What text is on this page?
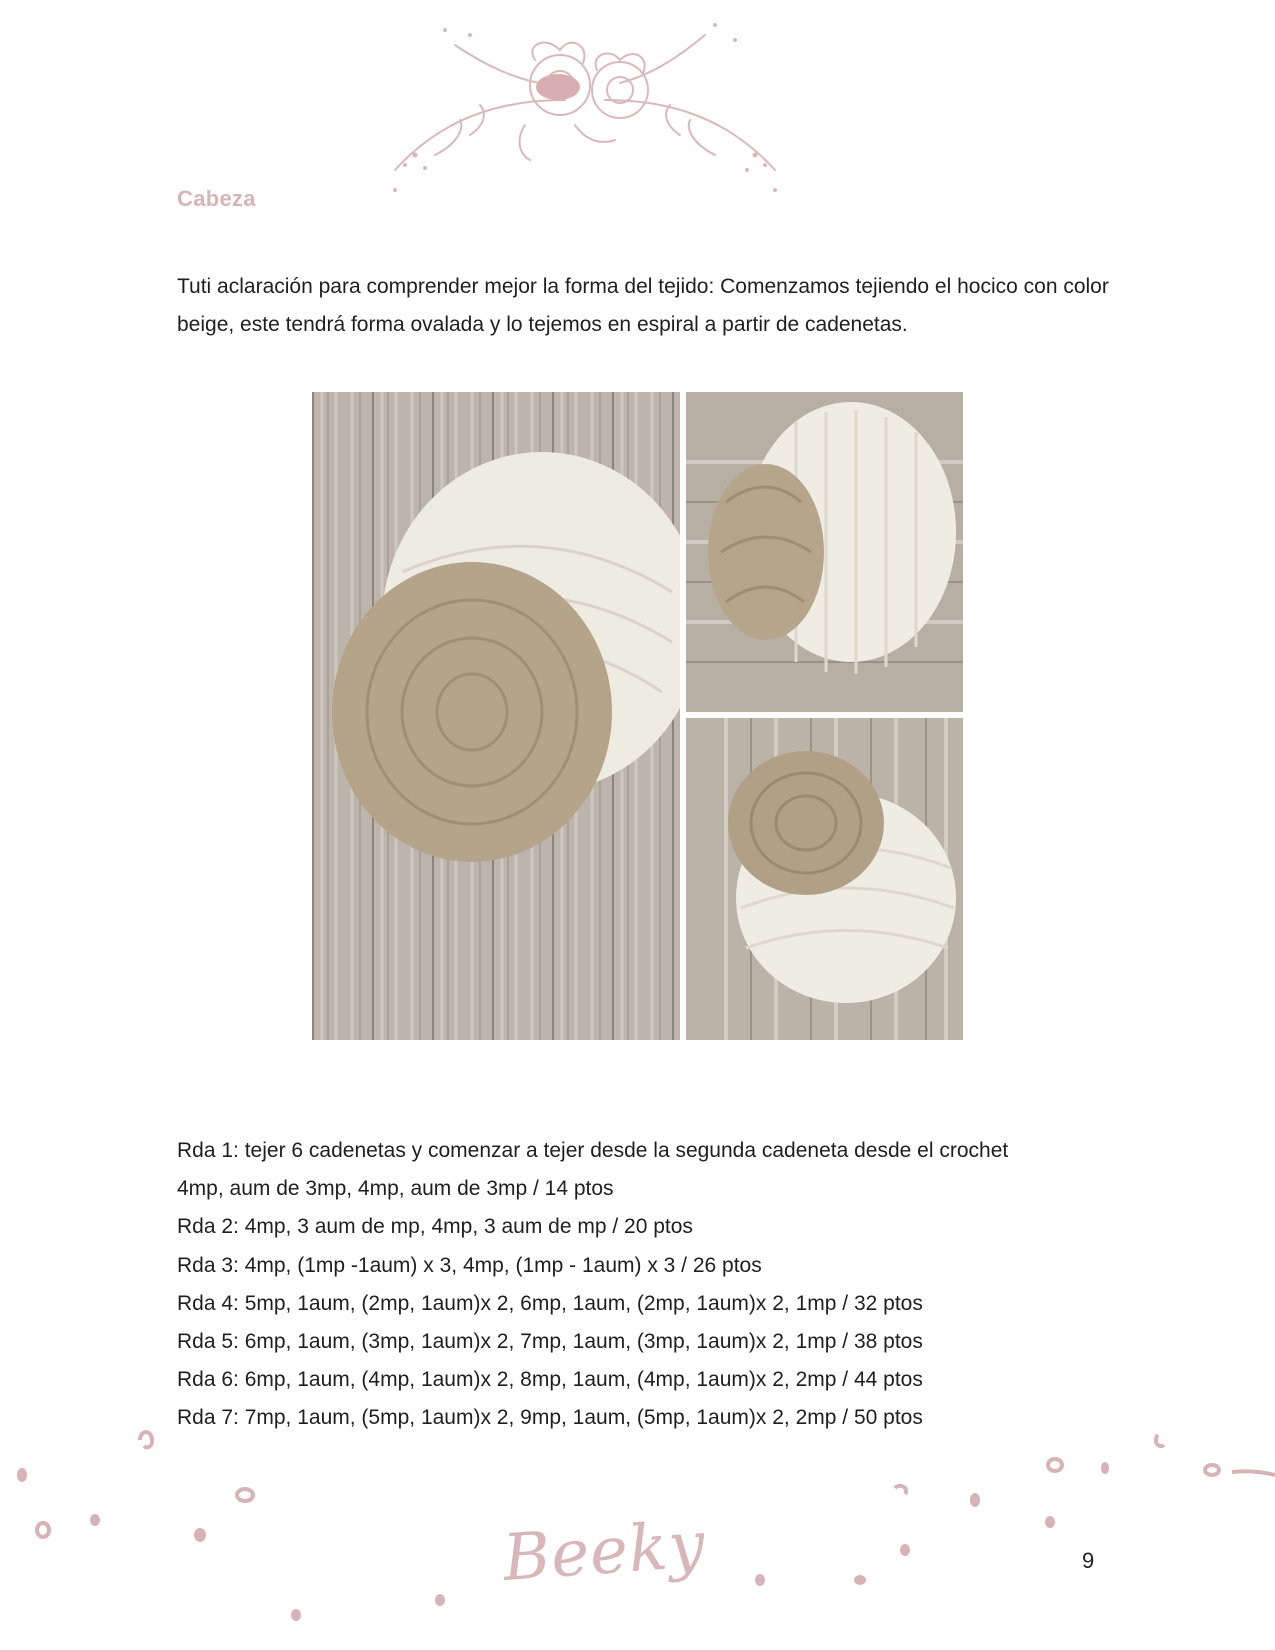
Cabeza

Tuti aclaración para comprender mejor la forma del tejido: Comenzamos tejiendo el hocico con color beige, este tendrá forma ovalada y lo tejemos en espiral a partir de cadenetas.

Rda 1: tejer 6 cadenetas y comenzar a tejer desde la segunda cadeneta desde el crochet
4mp, aum de 3mp, 4mp, aum de 3mp / 14 ptos
Rda 2: 4mp, 3 aum de mp, 4mp, 3 aum de mp / 20 ptos
Rda 3: 4mp, (1mp -1aum) x 3, 4mp, (1mp - 1aum) x 3 / 26 ptos
Rda 4: 5mp, 1aum, (2mp, 1aum)x 2, 6mp, 1aum, (2mp, 1aum)x 2, 1mp / 32 ptos
Rda 5: 6mp, 1aum, (3mp, 1aum)x 2, 7mp, 1aum, (3mp, 1aum)x 2, 1mp / 38 ptos
Rda 6: 6mp, 1aum, (4mp, 1aum)x 2, 8mp, 1aum, (4mp, 1aum)x 2, 2mp / 44 ptos
Rda 7: 7mp, 1aum, (5mp, 1aum)x 2, 9mp, 1aum, (5mp, 1aum)x 2, 2mp / 50 ptos
Beeky	9
